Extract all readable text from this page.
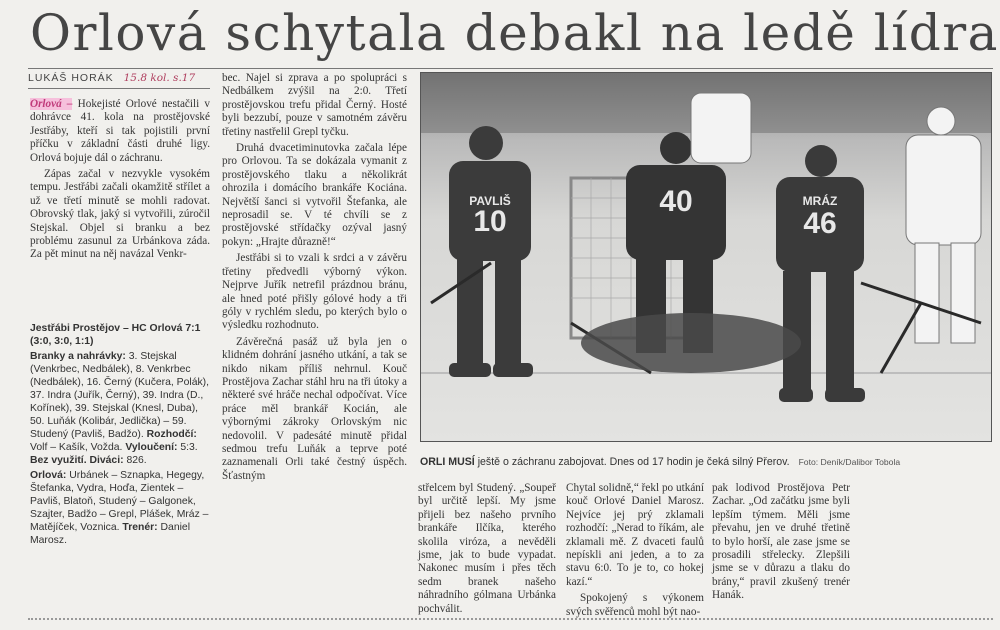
Orlová schytala debakl na ledě lídra
LUKÁŠ HORÁK 15.8 kol. s.17

Orlová – Hokejisté Orlové nestačili v dohrávce 41. kola na prostějovské Jestřáby, kteří si tak pojistili první příčku v základní části druhé ligy. Orlová bojuje dál o záchranu.

Zápas začal v nezvykle vysokém tempu. Jestřábi začali okamžitě střílet a už ve třetí minutě se mohli radovat. Obrovský tlak, jaký si vytvořili, zúročil Stejskal. Objel si branku a bez problému zasunul za Urbánkova záda. Za pět minut na něj navázal Venkr-

Jestřábi Prostějov – HC Orlová 7:1 (3:0, 3:0, 1:1)
Branky a nahrávky: 3. Stejskal (Venkrbec, Nedbálek), 8. Venkrbec (Nedbálek), 16. Černý (Kučera, Polák), 37. Indra (Juřík, Černý), 39. Indra (D., Kořínek), 39. Stejskal (Knesl, Duba), 50. Luňák (Kolibár, Jedlička) – 59. Studený (Pavliš, Badžo). Rozhodčí: Volf – Kašík, Vožda. Vyloučení: 5:3. Bez využití. Diváci: 826.
Orlová: Urbánek – Sznapka, Hegegy, Štefanka, Vydra, Hoďa, Zientek – Pavliš, Blatoň, Studený – Galgonek, Szajter, Badžo – Grepl, Plášek, Mráz – Matějíček, Voznica. Trenér: Daniel Marosz.

bec. Najel si zprava a po spolupráci s Nedbálkem zvýšil na 2:0. Třetí prostějovskou trefu přidal Černý. Hosté byli bezzubí, pouze v samotném závěru třetiny nastřelil Grepl tyčku.

Druhá dvacetiminutovka začala lépe pro Orlovou. Ta se dokázala vymanit z prostějovského tlaku a několikrát ohrozila i domácího brankáře Kociána. Největší šanci si vytvořil Štefanka, ale neprosadil se. V té chvíli se z prostějovské střídačky ozýval jasný pokyn: „Hrajte důrazně!“

Jestřábi si to vzali k srdci a v závěru třetiny předvedli výborný výkon. Nejprve Juřík netrefil prázdnou bránu, ale hned poté přišly gólové hody a tři góly v rychlém sledu, po kterých bylo o výsledku rozhodnuto.

Závěrečná pasáž už byla jen o klidném dohrání jasného utkání, a tak se nikdo nikam příliš nehrnul. Kouč Prostějova Zachar stáhl hru na tři útoky a některé své hráče nechal odpočívat. Více práce měl brankář Kocián, ale výbornými zákroky Orlovským nic nedovolil. V padesáté minutě přidal sedmou trefu Luňák a teprve poté zaznamenali Orli také čestný úspěch. Šťastným

PAVLIŠ
10
40	MRÁZ
46
ORLI MUSÍ ještě o záchranu zabojovat. Dnes od 17 hodin je čeká silný Přerov. Foto: Deník/Dalibor Tobola

střelcem byl Studený. „Soupeř byl určitě lepší. My jsme přijeli bez našeho prvního brankáře Ilčíka, kterého skolila viróza, a nevěděli jsme, jak to bude vypadat. Nakonec musím i přes těch sedm branek našeho náhradního gólmana Urbánka pochválit.

Chytal solidně,“ řekl po utkání kouč Orlové Daniel Marosz. Nejvíce jej prý zklamali rozhodčí: „Nerad to říkám, ale zklamali mě. Z dvaceti faulů nepískli ani jeden, a to za stavu 6:0. To je to, co hokej kazí.“

Spokojený s výkonem svých svěřenců mohl být nao-

pak lodivod Prostějova Petr Zachar. „Od začátku jsme byli lepším týmem. Měli jsme převahu, jen ve druhé třetině to bylo horší, ale zase jsme se prosadili střelecky. Zlepšili jsme se v důrazu a tlaku do brány,“ pravil zkušený trenér Hanák.
